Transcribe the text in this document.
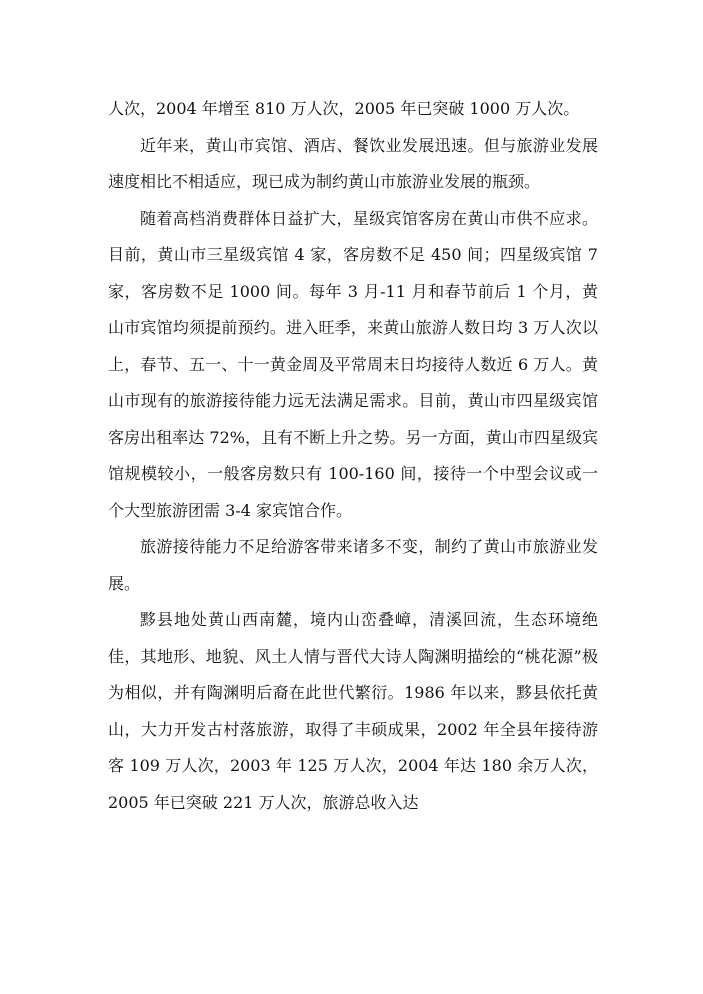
人次，2004 年增至 810 万人次，2005 年已突破 1000 万人次。

近年来，黄山市宾馆、酒店、餐饮业发展迅速。但与旅游业发展速度相比不相适应，现已成为制约黄山市旅游业发展的瓶颈。

随着高档消费群体日益扩大，星级宾馆客房在黄山市供不应求。目前，黄山市三星级宾馆 4 家，客房数不足 450 间；四星级宾馆 7 家，客房数不足 1000 间。每年 3 月-11 月和春节前后 1 个月，黄山市宾馆均须提前预约。进入旺季，来黄山旅游人数日均 3 万人次以上，春节、五一、十一黄金周及平常周末日均接待人数近 6 万人。黄山市现有的旅游接待能力远无法满足需求。目前，黄山市四星级宾馆客房出租率达 72%，且有不断上升之势。另一方面，黄山市四星级宾馆规模较小，一般客房数只有 100-160 间，接待一个中型会议或一个大型旅游团需 3-4 家宾馆合作。

旅游接待能力不足给游客带来诸多不变，制约了黄山市旅游业发展。

黟县地处黄山西南麓，境内山峦叠嶂，清溪回流，生态环境绝佳，其地形、地貌、风土人情与晋代大诗人陶渊明描绘的“桃花源”极为相似，并有陶渊明后裔在此世代繁衍。1986 年以来，黟县依托黄山，大力开发古村落旅游，取得了丰硕成果，2002 年全县年接待游客 109 万人次，2003 年 125 万人次，2004 年达 180 余万人次，2005 年已突破 221 万人次，旅游总收入达
